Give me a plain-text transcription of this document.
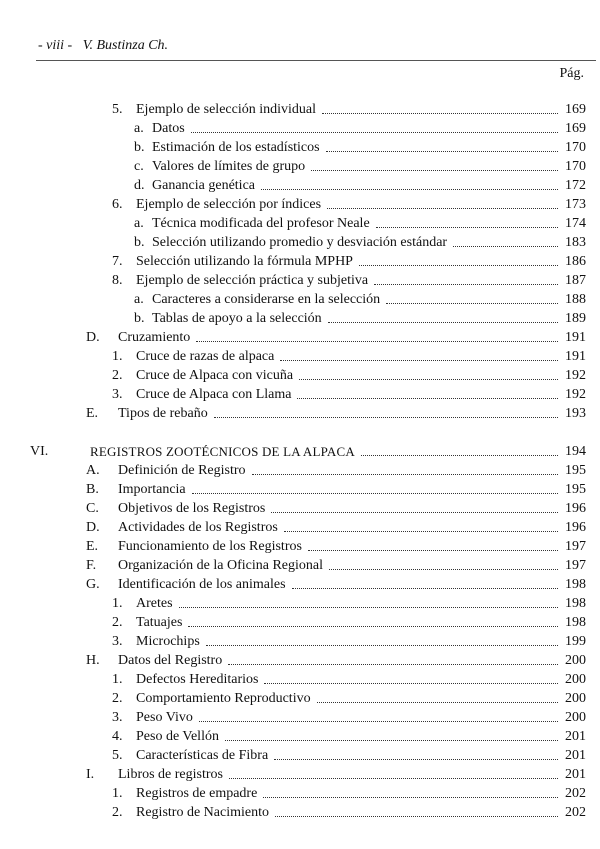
- viii - V. Bustinza Ch.
Pág.
5. Ejemplo de selección individual	169
a. Datos	169
b. Estimación de los estadísticos	170
c. Valores de límites de grupo	170
d. Ganancia genética	172
6. Ejemplo de selección por índices	173
a. Técnica modificada del profesor Neale	174
b. Selección utilizando promedio y desviación estándar	183
7. Selección utilizando la fórmula MPHP	186
8. Ejemplo de selección práctica y subjetiva	187
a. Caracteres a considerarse en la selección	188
b. Tablas de apoyo a la selección	189
D.	Cruzamiento	191
1. Cruce de razas de alpaca	191
2. Cruce de Alpaca con vicuña	192
3. Cruce de Alpaca con Llama	192
E.	Tipos de rebaño	193
VI.	REGISTROS ZOOTÉCNICOS DE LA ALPACA	194
A.	Definición de Registro	195
B.	Importancia	195
C.	Objetivos de los Registros	196
D.	Actividades de los Registros	196
E.	Funcionamiento de los Registros	197
F.	Organización de la Oficina Regional	197
G.	Identificación de los animales	198
1. Aretes	198
2. Tatuajes	198
3. Microchips	199
H.	Datos del Registro	200
1. Defectos Hereditarios	200
2. Comportamiento Reproductivo	200
3. Peso Vivo	200
4. Peso de Vellón	201
5. Características de Fibra	201
I.	Libros de registros	201
1. Registros de empadre	202
2. Registro de Nacimiento	202
